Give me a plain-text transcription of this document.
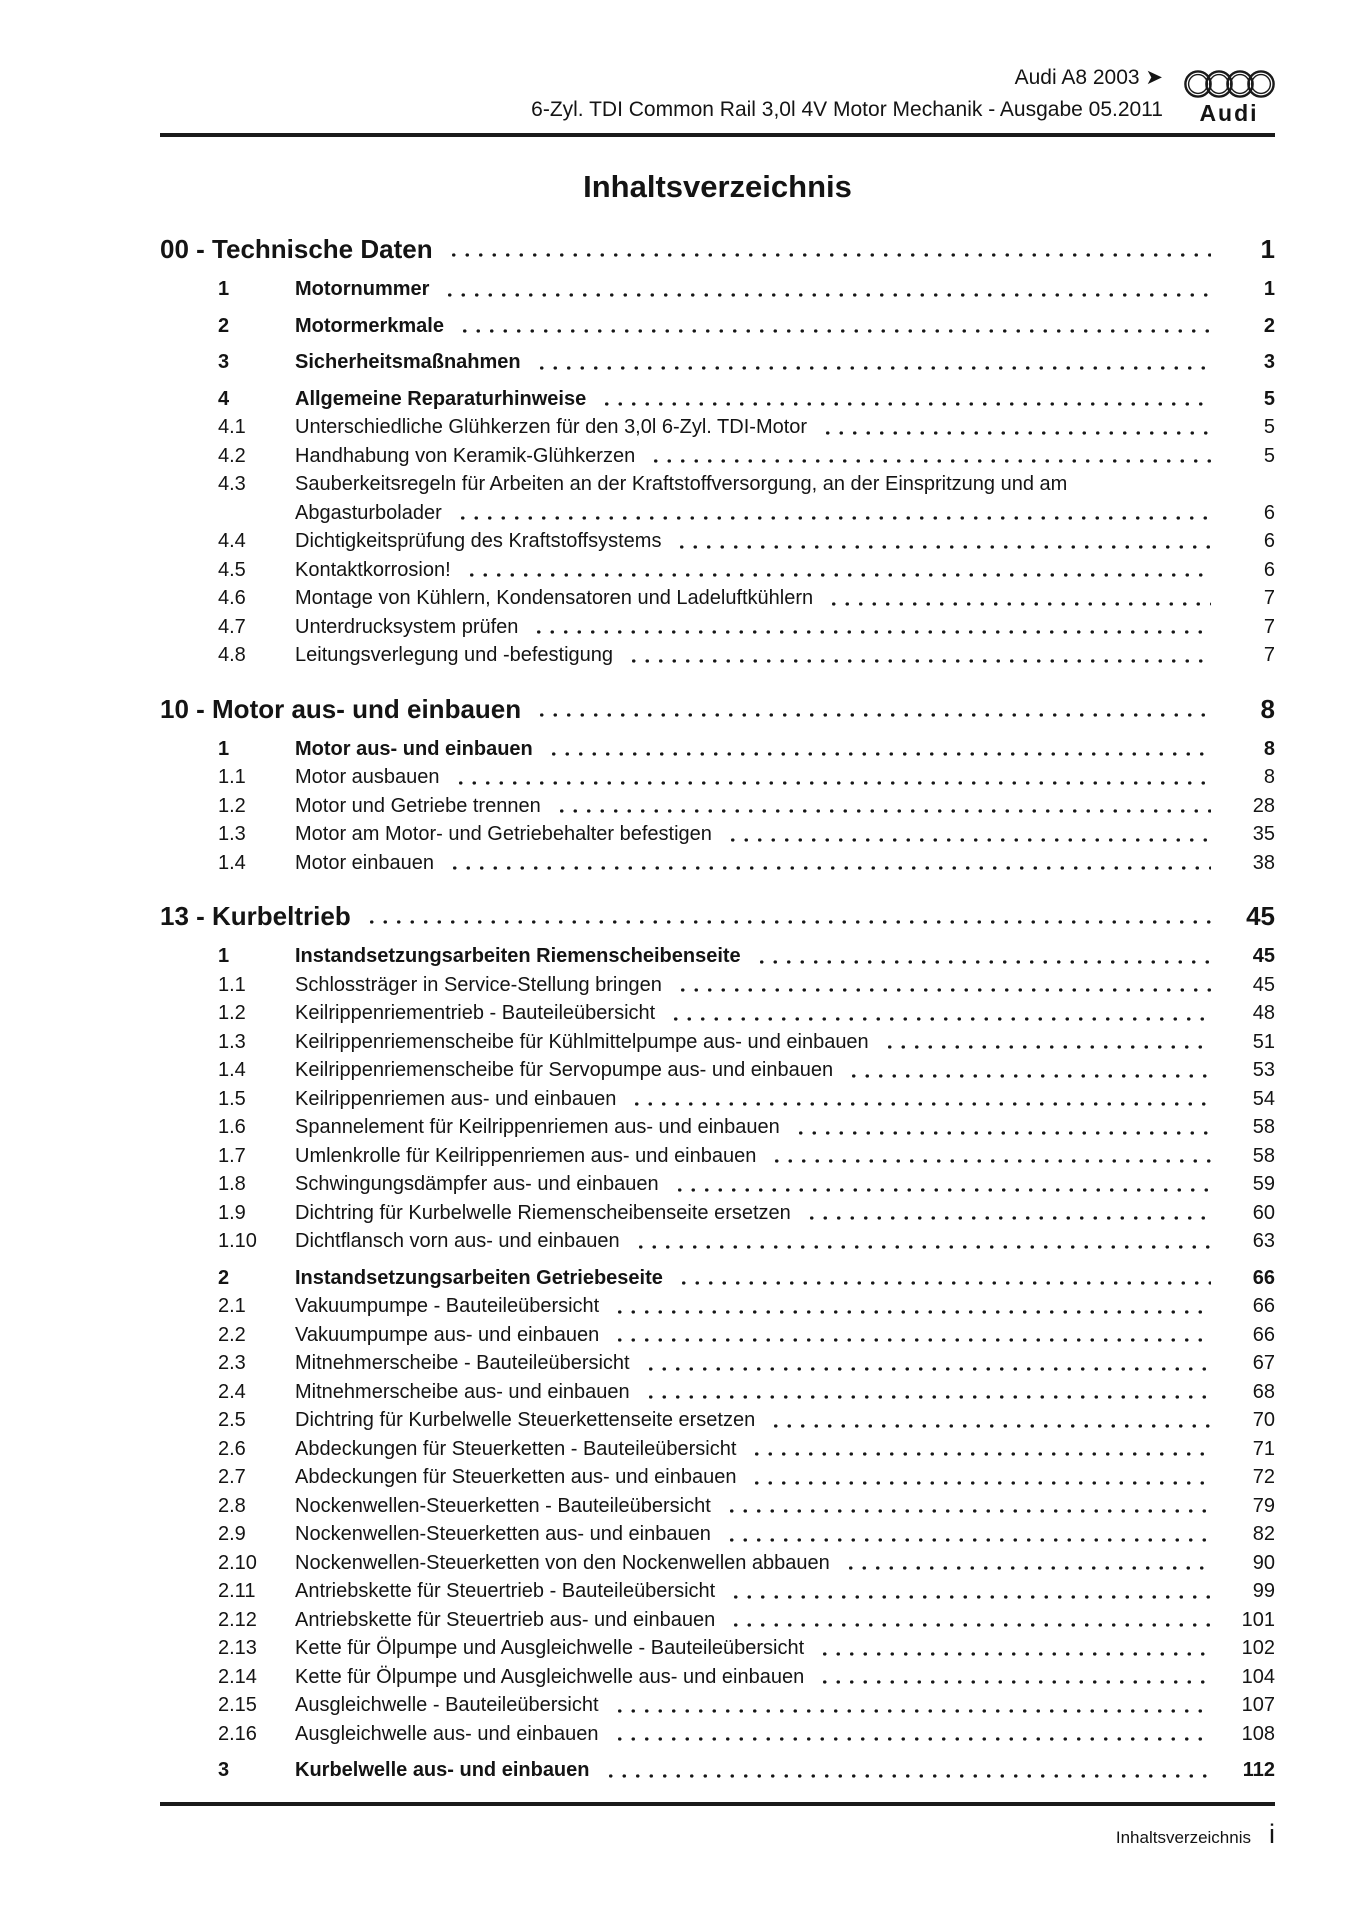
Audi A8 2003 ➤
6-Zyl. TDI Common Rail 3,0l 4V Motor Mechanik - Ausgabe 05.2011 Audi
Inhaltsverzeichnis
00 - Technische Daten	1
1	Motornummer	1
2	Motormerkmale	2
3	Sicherheitsmaßnahmen	3
4	Allgemeine Reparaturhinweise	5
4.1	Unterschiedliche Glühkerzen für den 3,0l 6-Zyl. TDI-Motor	5
4.2	Handhabung von Keramik-Glühkerzen	5
4.3	Sauberkeitsregeln für Arbeiten an der Kraftstoffversorgung, an der Einspritzung und am
Abgasturbolader	6
4.4	Dichtigkeitsprüfung des Kraftstoffsystems	6
4.5	Kontaktkorrosion!	6
4.6	Montage von Kühlern, Kondensatoren und Ladeluftkühlern	7
4.7	Unterdrucksystem prüfen	7
4.8	Leitungsverlegung und -befestigung	7
10 - Motor aus- und einbauen	8
1	Motor aus- und einbauen	8
1.1	Motor ausbauen	8
1.2	Motor und Getriebe trennen	28
1.3	Motor am Motor- und Getriebehalter befestigen	35
1.4	Motor einbauen	38
13 - Kurbeltrieb	45
1	Instandsetzungsarbeiten Riemenscheibenseite	45
1.1	Schlossträger in Service-Stellung bringen	45
1.2	Keilrippenriementrieb - Bauteileübersicht	48
1.3	Keilrippenriemenscheibe für Kühlmittelpumpe aus- und einbauen	51
1.4	Keilrippenriemenscheibe für Servopumpe aus- und einbauen	53
1.5	Keilrippenriemen aus- und einbauen	54
1.6	Spannelement für Keilrippenriemen aus- und einbauen	58
1.7	Umlenkrolle für Keilrippenriemen aus- und einbauen	58
1.8	Schwingungsdämpfer aus- und einbauen	59
1.9	Dichtring für Kurbelwelle Riemenscheibenseite ersetzen	60
1.10	Dichtflansch vorn aus- und einbauen	63
2	Instandsetzungsarbeiten Getriebeseite	66
2.1	Vakuumpumpe - Bauteileübersicht	66
2.2	Vakuumpumpe aus- und einbauen	66
2.3	Mitnehmerscheibe - Bauteileübersicht	67
2.4	Mitnehmerscheibe aus- und einbauen	68
2.5	Dichtring für Kurbelwelle Steuerkettenseite ersetzen	70
2.6	Abdeckungen für Steuerketten - Bauteileübersicht	71
2.7	Abdeckungen für Steuerketten aus- und einbauen	72
2.8	Nockenwellen-Steuerketten - Bauteileübersicht	79
2.9	Nockenwellen-Steuerketten aus- und einbauen	82
2.10	Nockenwellen-Steuerketten von den Nockenwellen abbauen	90
2.11	Antriebskette für Steuertrieb - Bauteileübersicht	99
2.12	Antriebskette für Steuertrieb aus- und einbauen	101
2.13	Kette für Ölpumpe und Ausgleichwelle - Bauteileübersicht	102
2.14	Kette für Ölpumpe und Ausgleichwelle aus- und einbauen	104
2.15	Ausgleichwelle - Bauteileübersicht	107
2.16	Ausgleichwelle aus- und einbauen	108
3	Kurbelwelle aus- und einbauen	112
Inhaltsverzeichnis i
